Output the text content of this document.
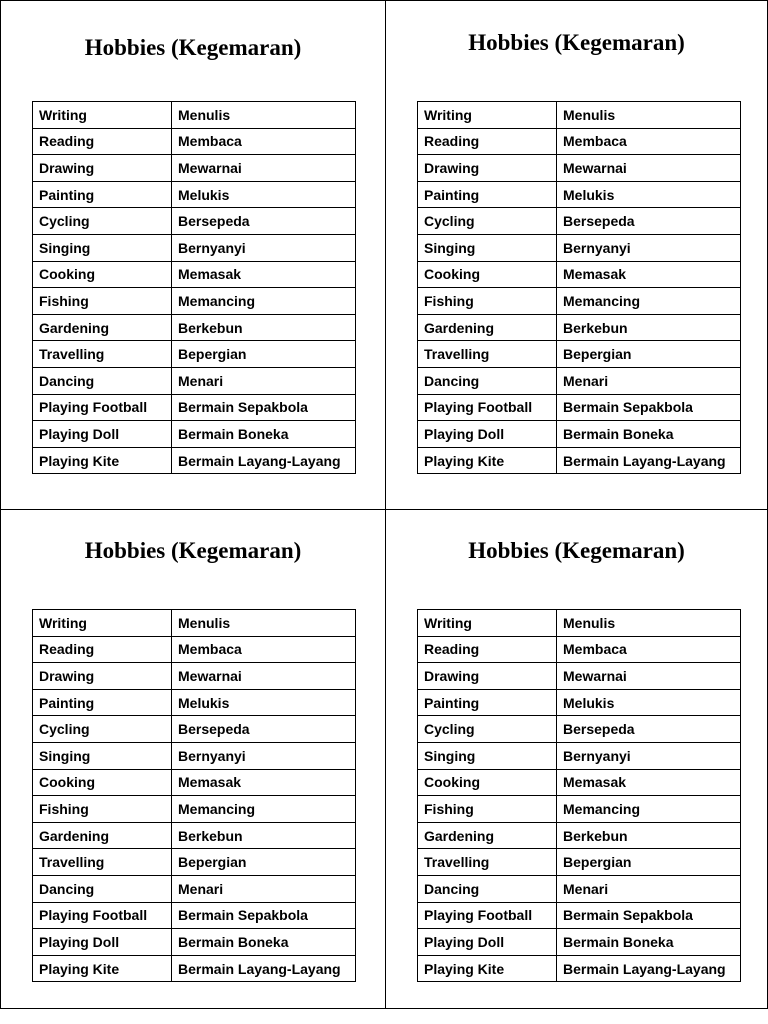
Hobbies (Kegemaran)
Writing	Menulis
Reading	Membaca
Drawing	Mewarnai
Painting	Melukis
Cycling	Bersepeda
Singing	Bernyanyi
Cooking	Memasak
Fishing	Memancing
Gardening	Berkebun
Travelling	Bepergian
Dancing	Menari
Playing Football	Bermain Sepakbola
Playing Doll	Bermain Boneka
Playing Kite	Bermain Layang-Layang
Hobbies (Kegemaran)
Writing	Menulis
Reading	Membaca
Drawing	Mewarnai
Painting	Melukis
Cycling	Bersepeda
Singing	Bernyanyi
Cooking	Memasak
Fishing	Memancing
Gardening	Berkebun
Travelling	Bepergian
Dancing	Menari
Playing Football	Bermain Sepakbola
Playing Doll	Bermain Boneka
Playing Kite	Bermain Layang-Layang
Hobbies (Kegemaran)
Writing	Menulis
Reading	Membaca
Drawing	Mewarnai
Painting	Melukis
Cycling	Bersepeda
Singing	Bernyanyi
Cooking	Memasak
Fishing	Memancing
Gardening	Berkebun
Travelling	Bepergian
Dancing	Menari
Playing Football	Bermain Sepakbola
Playing Doll	Bermain Boneka
Playing Kite	Bermain Layang-Layang
Hobbies (Kegemaran)
Writing	Menulis
Reading	Membaca
Drawing	Mewarnai
Painting	Melukis
Cycling	Bersepeda
Singing	Bernyanyi
Cooking	Memasak
Fishing	Memancing
Gardening	Berkebun
Travelling	Bepergian
Dancing	Menari
Playing Football	Bermain Sepakbola
Playing Doll	Bermain Boneka
Playing Kite	Bermain Layang-Layang
